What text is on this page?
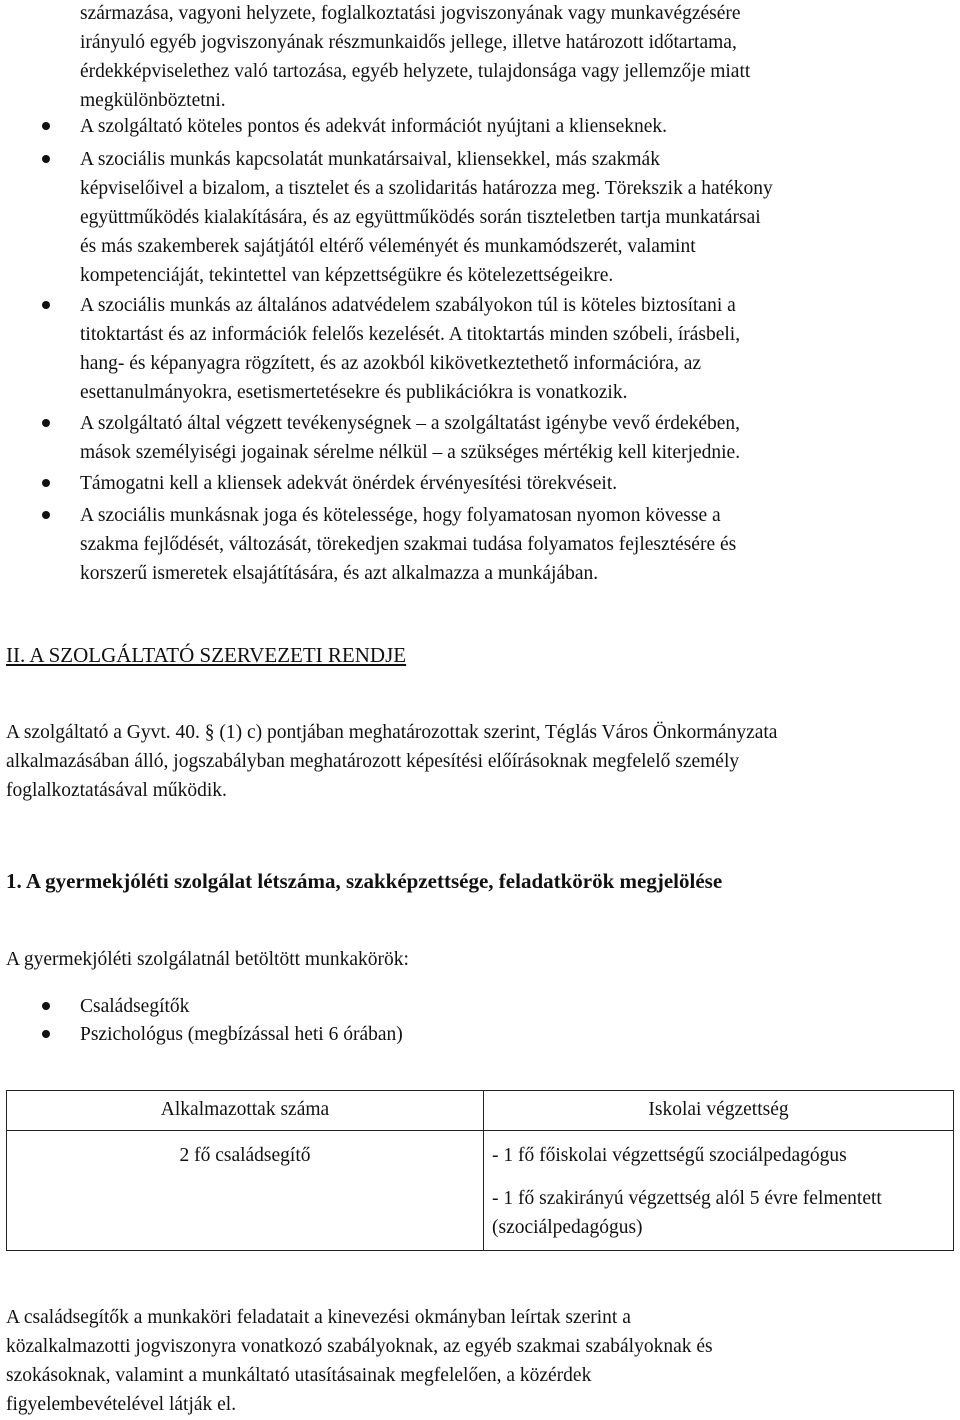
származása, vagyoni helyzete, foglalkoztatási jogviszonyának vagy munkavégzésére
irányuló egyéb jogviszonyának részmunkaidős jellege, illetve határozott időtartama,
érdekképviselethez való tartozása, egyéb helyzete, tulajdonsága vagy jellemzője miatt
megkülönböztetni.
A szolgáltató köteles pontos és adekvát információt nyújtani a klienseknek.
A szociális munkás kapcsolatát munkatársaival, kliensekkel, más szakmák
képviselőivel a bizalom, a tisztelet és a szolidaritás határozza meg. Törekszik a hatékony
együttműködés kialakítására, és az együttműködés során tiszteletben tartja munkatársai
és más szakemberek sajátjától eltérő véleményét és munkamódszerét, valamint
kompetenciáját, tekintettel van képzettségükre és kötelezettségeikre.
A szociális munkás az általános adatvédelem szabályokon túl is köteles biztosítani a
titoktartást és az információk felelős kezelését. A titoktartás minden szóbeli, írásbeli,
hang- és képanyagra rögzített, és az azokból kikövetkeztethető információra, az
esettanulmányokra, esetismertetésekre és publikációkra is vonatkozik.
A szolgáltató által végzett tevékenységnek – a szolgáltatást igénybe vevő érdekében,
mások személyiségi jogainak sérelme nélkül – a szükséges mértékig kell kiterjednie.
Támogatni kell a kliensek adekvát önérdek érvényesítési törekvéseit.
A szociális munkásnak joga és kötelessége, hogy folyamatosan nyomon kövesse a
szakma fejlődését, változását, törekedjen szakmai tudása folyamatos fejlesztésére és
korszerű ismeretek elsajátítására, és azt alkalmazza a munkájában.
II. A SZOLGÁLTATÓ SZERVEZETI RENDJE
A szolgáltató a Gyvt. 40. § (1) c) pontjában meghatározottak szerint, Téglás Város Önkormányzata
alkalmazásában álló, jogszabályban meghatározott képesítési előírásoknak megfelelő személy
foglalkoztatásával működik.
1. A gyermekjóléti szolgálat létszáma, szakképzettsége, feladatkörök megjelölése
A gyermekjóléti szolgálatnál betöltött munkakörök:
Családsegítők
Pszichológus (megbízással heti 6 órában)
Alkalmazottak száma	Iskolai végzettség
2 fő családsegítő	- 1 fő főiskolai végzettségű szociálpedagógus
- 1 fő szakirányú végzettség alól 5 évre felmentett (szociálpedagógus)
A családsegítők a munkaköri feladatait a kinevezési okmányban leírtak szerint a
közalkalmazotti jogviszonyra vonatkozó szabályoknak, az egyéb szakmai szabályoknak és
szokásoknak, valamint a munkáltató utasításainak megfelelően, a közérdek
figyelembevételével látják el.
